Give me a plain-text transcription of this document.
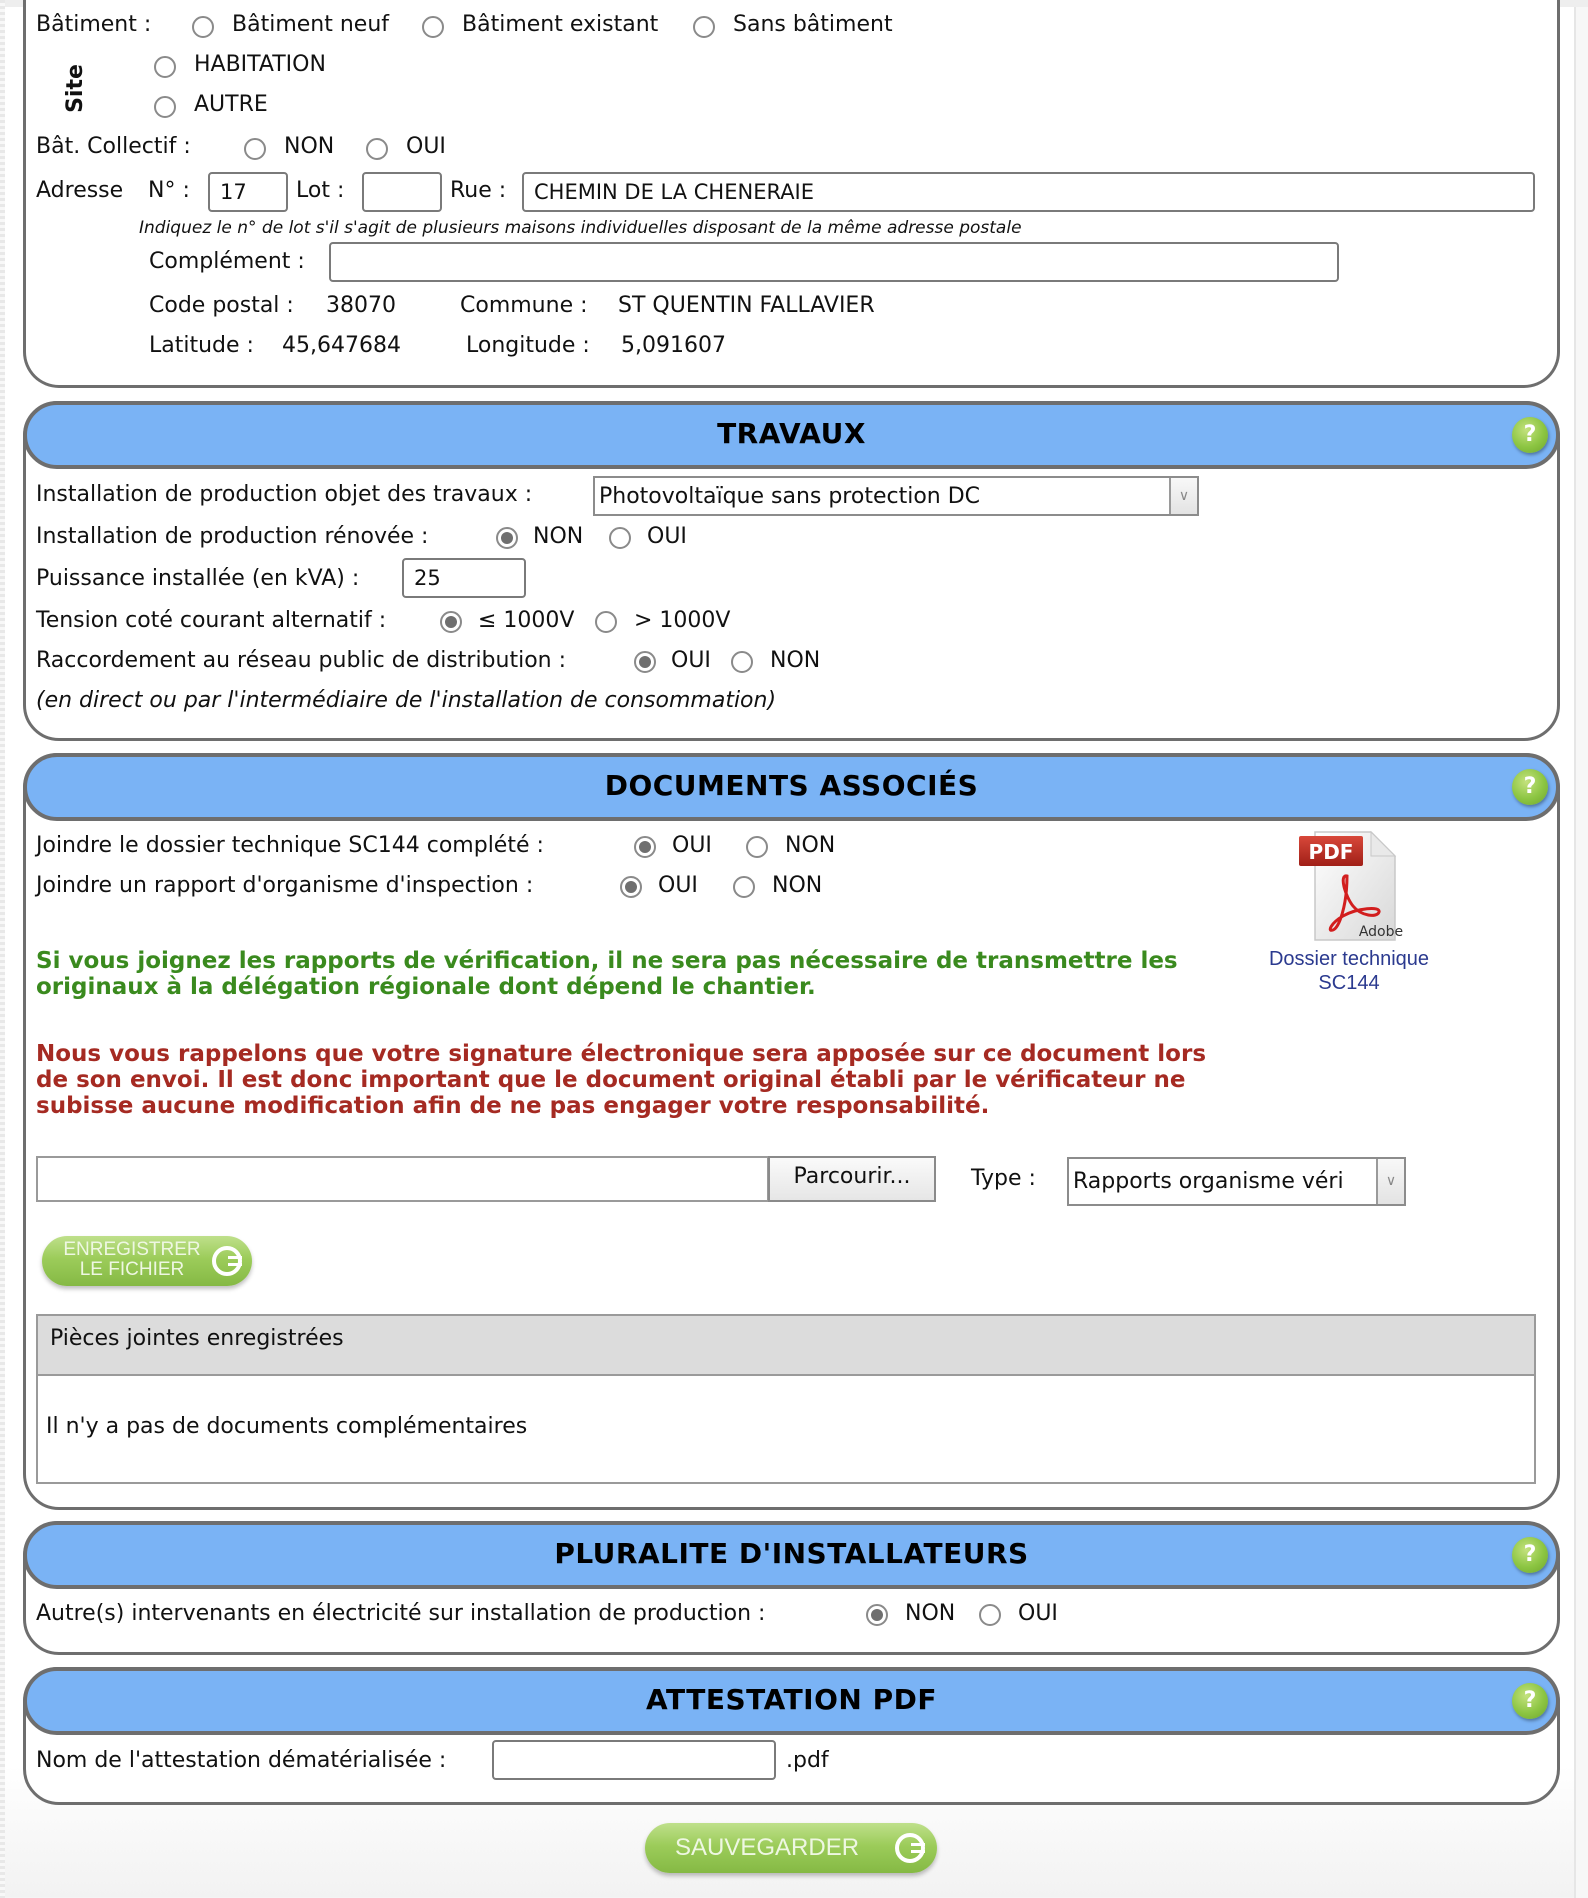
Site
Bâtiment :	Bâtiment neuf	Bâtiment existant	Sans bâtiment
HABITATION
AUTRE
Bât. Collectif :	NON	OUI
Adresse N° :	17	Lot :	Rue :	CHEMIN DE LA CHENERAIE
Indiquez le n° de lot s'il s'agit de plusieurs maisons individuelles disposant de la même adresse postale
Complément :
Code postal : 38070	Commune : ST QUENTIN FALLAVIER
Latitude : 45,647684	Longitude : 5,091607
TRAVAUX	?
Installation de production objet des travaux :	Photovoltaïque sans protection DC	∨
Installation de production rénovée :	NON	OUI
Puissance installée (en kVA) :	25
Tension coté courant alternatif :	≤ 1000V	> 1000V
Raccordement au réseau public de distribution :	OUI	NON
(en direct ou par l'intermédiaire de l'installation de consommation)
DOCUMENTS ASSOCIÉS	?
Joindre le dossier technique SC144 complété :	OUI	NON
Joindre un rapport d'organisme d'inspection :	OUI	NON
PDF
Adobe
Dossier technique
SC144
Si vous joignez les rapports de vérification, il ne sera pas nécessaire de transmettre les
originaux à la délégation régionale dont dépend le chantier.
Nous vous rappelons que votre signature électronique sera apposée sur ce document lors
de son envoi. Il est donc important que le document original établi par le vérificateur ne
subisse aucune modification afin de ne pas engager votre responsabilité.
Parcourir...	Type : Rapports organisme véri	∨
ENREGISTRER
LE FICHIER
Pièces jointes enregistrées
Il n'y a pas de documents complémentaires
PLURALITE D'INSTALLATEURS	?
Autre(s) intervenants en électricité sur installation de production :	NON	OUI
ATTESTATION PDF	?
Nom de l'attestation dématérialisée :	.pdf
SAUVEGARDER
